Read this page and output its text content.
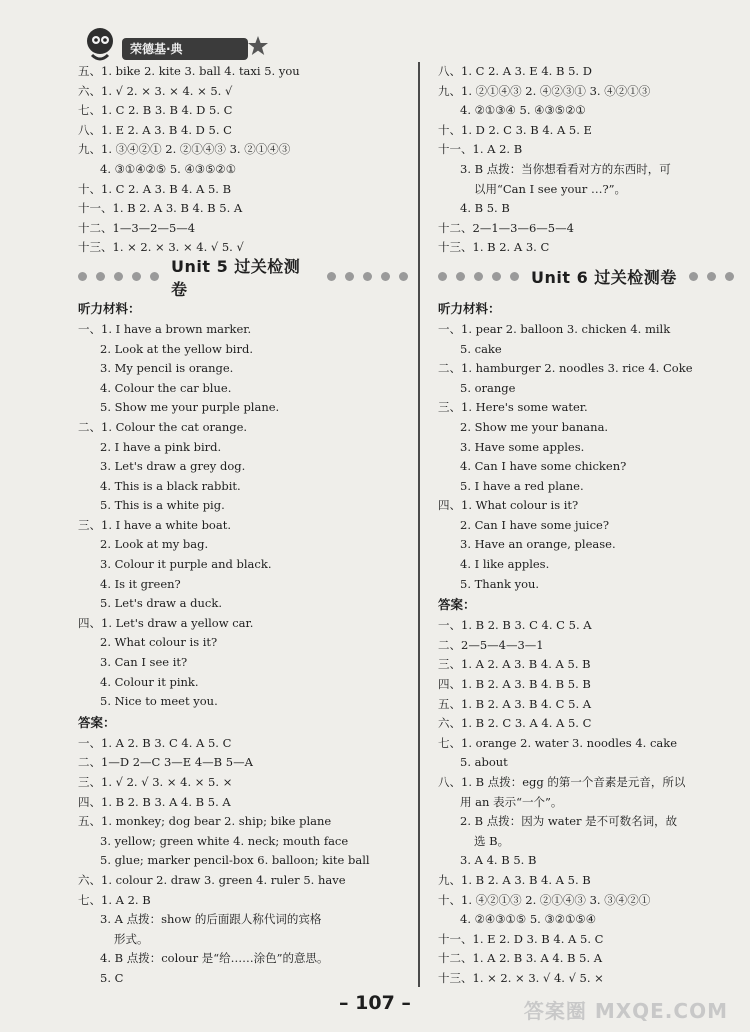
荣德基·典
五、1. bike 2. kite 3. ball 4. taxi 5. you
六、1. √ 2. × 3. × 4. × 5. √
七、1. C 2. B 3. B 4. D 5. C
八、1. E 2. A 3. B 4. D 5. C
九、1. ③④②① 2. ②①④③ 3. ②①④③
4. ③①④②⑤ 5. ④③⑤②①
十、1. C 2. A 3. B 4. A 5. B
十一、1. B 2. A 3. B 4. B 5. A
十二、1—3—2—5—4
十三、1. × 2. × 3. × 4. √ 5. √
Unit 5 过关检测卷
听力材料：
一、1. I have a brown marker.
2. Look at the yellow bird.
3. My pencil is orange.
4. Colour the car blue.
5. Show me your purple plane.
二、1. Colour the cat orange.
2. I have a pink bird.
3. Let's draw a grey dog.
4. This is a black rabbit.
5. This is a white pig.
三、1. I have a white boat.
2. Look at my bag.
3. Colour it purple and black.
4. Is it green?
5. Let's draw a duck.
四、1. Let's draw a yellow car.
2. What colour is it?
3. Can I see it?
4. Colour it pink.
5. Nice to meet you.
答案：
一、1. A 2. B 3. C 4. A 5. C
二、1—D 2—C 3—E 4—B 5—A
三、1. √ 2. √ 3. × 4. × 5. ×
四、1. B 2. B 3. A 4. B 5. A
五、1. monkey; dog bear 2. ship; bike plane
3. yellow; green white 4. neck; mouth face
5. glue; marker pencil-box 6. balloon; kite ball
六、1. colour 2. draw 3. green 4. ruler 5. have
七、1. A 2. B
3. A 点拨：show 的后面跟人称代词的宾格
形式。
4. B 点拨：colour 是“给……涂色”的意思。
5. C
八、1. C 2. A 3. E 4. B 5. D
九、1. ②①④③ 2. ④②③① 3. ④②①③
4. ②①③④ 5. ④③⑤②①
十、1. D 2. C 3. B 4. A 5. E
十一、1. A 2. B
3. B 点拨：当你想看看对方的东西时，可
以用“Can I see your …?”。
4. B 5. B
十二、2—1—3—6—5—4
十三、1. B 2. A 3. C
Unit 6 过关检测卷
听力材料：
一、1. pear 2. balloon 3. chicken 4. milk
5. cake
二、1. hamburger 2. noodles 3. rice 4. Coke
5. orange
三、1. Here's some water.
2. Show me your banana.
3. Have some apples.
4. Can I have some chicken?
5. I have a red plane.
四、1. What colour is it?
2. Can I have some juice?
3. Have an orange, please.
4. I like apples.
5. Thank you.
答案：
一、1. B 2. B 3. C 4. C 5. A
二、2—5—4—3—1
三、1. A 2. A 3. B 4. A 5. B
四、1. B 2. A 3. B 4. B 5. B
五、1. B 2. A 3. B 4. C 5. A
六、1. B 2. C 3. A 4. A 5. C
七、1. orange 2. water 3. noodles 4. cake
5. about
八、1. B 点拨：egg 的第一个音素是元音，所以
用 an 表示“一个”。
2. B 点拨：因为 water 是不可数名词，故
选 B。
3. A 4. B 5. B
九、1. B 2. A 3. B 4. A 5. B
十、1. ④②①③ 2. ②①④③ 3. ③④②①
4. ②④③①⑤ 5. ③②①⑤④
十一、1. E 2. D 3. B 4. A 5. C
十二、1. A 2. B 3. A 4. B 5. A
十三、1. × 2. × 3. √ 4. √ 5. ×
– 107 –	答案圈 MXQE.COM
